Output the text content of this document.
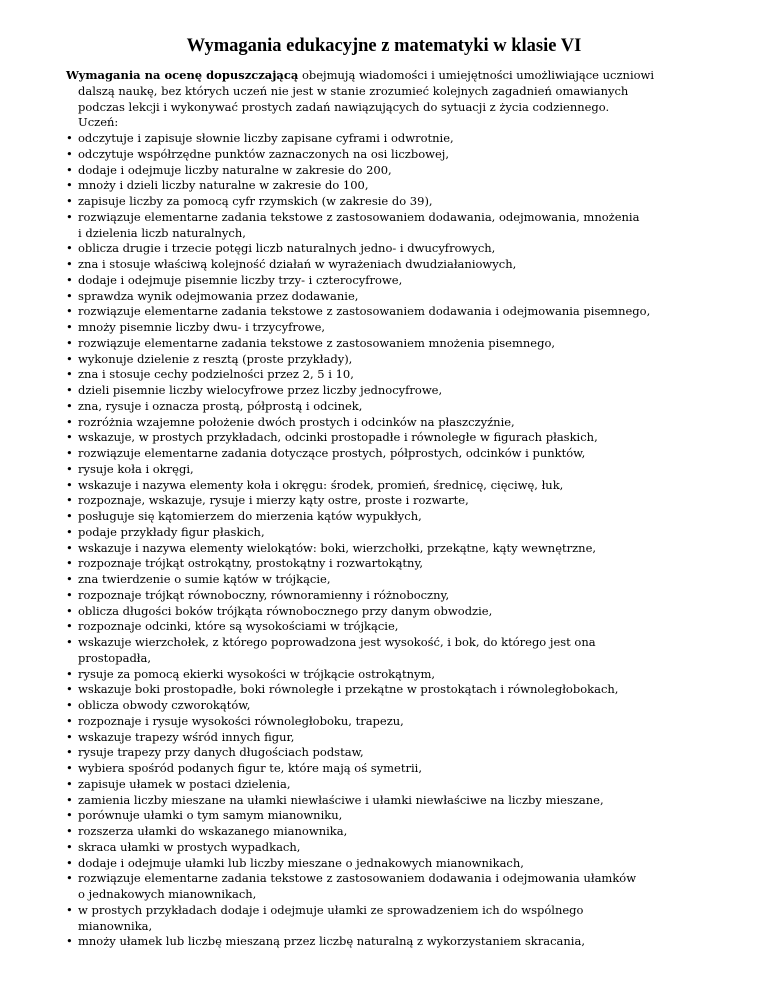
Wymagania edukacyjne z matematyki w klasie VI
Wymagania na ocenę dopuszczającą obejmują wiadomości i umiejętności umożliwiające uczniowi
dalszą naukę, bez których uczeń nie jest w stanie zrozumieć kolejnych zagadnień omawianych
podczas lekcji i wykonywać prostych zadań nawiązujących do sytuacji z życia codziennego.
Uczeń:
• odczytuje i zapisuje słownie liczby zapisane cyframi i odwrotnie,
• odczytuje współrzędne punktów zaznaczonych na osi liczbowej,
• dodaje i odejmuje liczby naturalne w zakresie do 200,
• mnoży i dzieli liczby naturalne w zakresie do 100,
• zapisuje liczby za pomocą cyfr rzymskich (w zakresie do 39),
• rozwiązuje elementarne zadania tekstowe z zastosowaniem dodawania, odejmowania, mnożenia
i dzielenia liczb naturalnych,
• oblicza drugie i trzecie potęgi liczb naturalnych jedno- i dwucyfrowych,
• zna i stosuje właściwą kolejność działań w wyrażeniach dwudziałaniowych,
• dodaje i odejmuje pisemnie liczby trzy- i czterocyfrowe,
• sprawdza wynik odejmowania przez dodawanie,
• rozwiązuje elementarne zadania tekstowe z zastosowaniem dodawania i odejmowania pisemnego,
• mnoży pisemnie liczby dwu- i trzycyfrowe,
• rozwiązuje elementarne zadania tekstowe z zastosowaniem mnożenia pisemnego,
• wykonuje dzielenie z resztą (proste przykłady),
• zna i stosuje cechy podzielności przez 2, 5 i 10,
• dzieli pisemnie liczby wielocyfrowe przez liczby jednocyfrowe,
• zna, rysuje i oznacza prostą, półprostą i odcinek,
• rozróżnia wzajemne położenie dwóch prostych i odcinków na płaszczyźnie,
• wskazuje, w prostych przykładach, odcinki prostopadłe i równoległe w figurach płaskich,
• rozwiązuje elementarne zadania dotyczące prostych, półprostych, odcinków i punktów,
• rysuje koła i okręgi,
• wskazuje i nazywa elementy koła i okręgu: środek, promień, średnicę, cięciwę, łuk,
• rozpoznaje, wskazuje, rysuje i mierzy kąty ostre, proste i rozwarte,
• posługuje się kątomierzem do mierzenia kątów wypukłych,
• podaje przykłady figur płaskich,
• wskazuje i nazywa elementy wielokątów: boki, wierzchołki, przekątne, kąty wewnętrzne,
• rozpoznaje trójkąt ostrokątny, prostokątny i rozwartokątny,
• zna twierdzenie o sumie kątów w trójkącie,
• rozpoznaje trójkąt równoboczny, równoramienny i różnoboczny,
• oblicza długości boków trójkąta równobocznego przy danym obwodzie,
• rozpoznaje odcinki, które są wysokościami w trójkącie,
• wskazuje wierzchołek, z którego poprowadzona jest wysokość, i bok, do którego jest ona
prostopadła,
• rysuje za pomocą ekierki wysokości w trójkącie ostrokątnym,
• wskazuje boki prostopadłe, boki równoległe i przekątne w prostokątach i równoległobokach,
• oblicza obwody czworokątów,
• rozpoznaje i rysuje wysokości równoległoboku, trapezu,
• wskazuje trapezy wśród innych figur,
• rysuje trapezy przy danych długościach podstaw,
• wybiera spośród podanych figur te, które mają oś symetrii,
• zapisuje ułamek w postaci dzielenia,
• zamienia liczby mieszane na ułamki niewłaściwe i ułamki niewłaściwe na liczby mieszane,
• porównuje ułamki o tym samym mianowniku,
• rozszerza ułamki do wskazanego mianownika,
• skraca ułamki w prostych wypadkach,
• dodaje i odejmuje ułamki lub liczby mieszane o jednakowych mianownikach,
• rozwiązuje elementarne zadania tekstowe z zastosowaniem dodawania i odejmowania ułamków
o jednakowych mianownikach,
• w prostych przykładach dodaje i odejmuje ułamki ze sprowadzeniem ich do wspólnego
mianownika,
• mnoży ułamek lub liczbę mieszaną przez liczbę naturalną z wykorzystaniem skracania,
